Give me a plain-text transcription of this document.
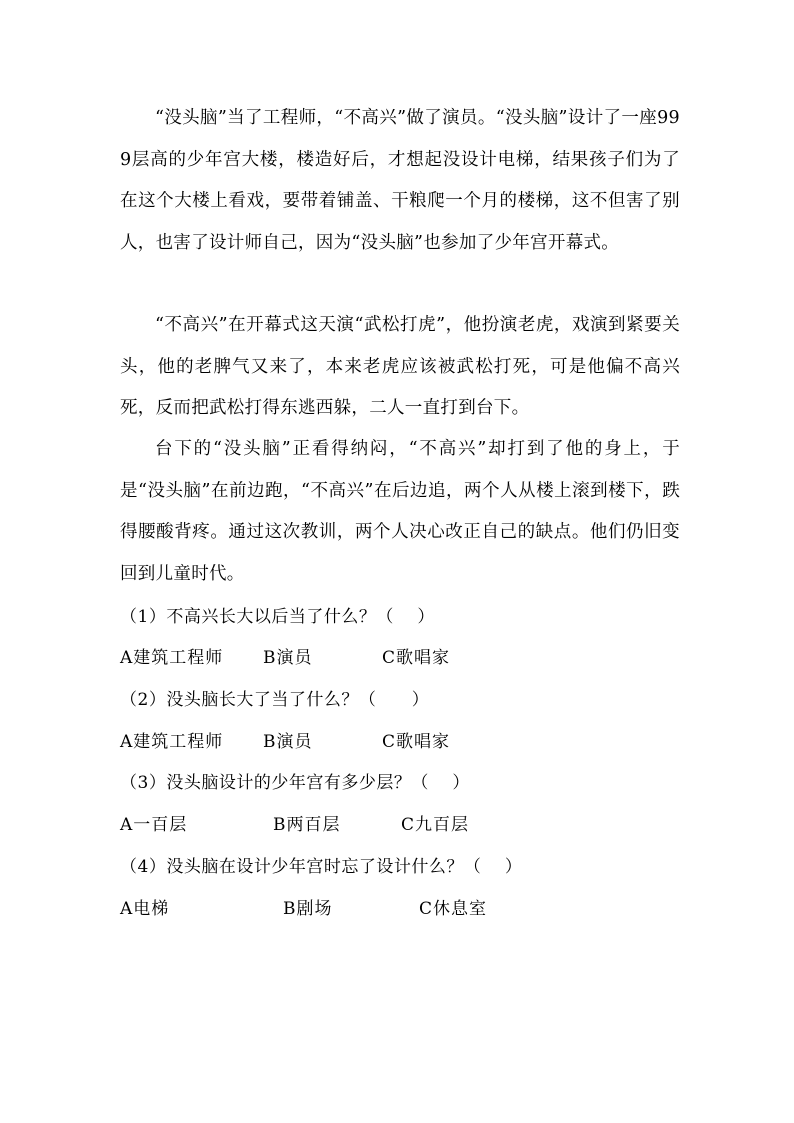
“没头脑”当了工程师，“不高兴”做了演员。“没头脑”设计了一座999层高的少年宫大楼，楼造好后，才想起没设计电梯，结果孩子们为了在这个大楼上看戏，要带着铺盖、干粮爬一个月的楼梯，这不但害了别人，也害了设计师自己，因为“没头脑”也参加了少年宫开幕式。

“不高兴”在开幕式这天演“武松打虎”，他扮演老虎，戏演到紧要关头，他的老脾气又来了，本来老虎应该被武松打死，可是他偏不高兴死，反而把武松打得东逃西躲，二人一直打到台下。

台下的“没头脑”正看得纳闷，“不高兴”却打到了他的身上，于是“没头脑”在前边跑，“不高兴”在后边追，两个人从楼上滚到楼下，跌得腰酸背疼。通过这次教训，两个人决心改正自己的缺点。他们仍旧变回到儿童时代。

（1）不高兴长大以后当了什么？（    ）

A建筑工程师 B演员	C歌唱家

（2）没头脑长大了当了什么？（      ）

A建筑工程师 B演员	C歌唱家

（3）没头脑设计的少年宫有多少层？（    ）

A一百层	B两百层	C九百层

（4）没头脑在设计少年宫时忘了设计什么？（    ）

A电梯	B剧场	C休息室
